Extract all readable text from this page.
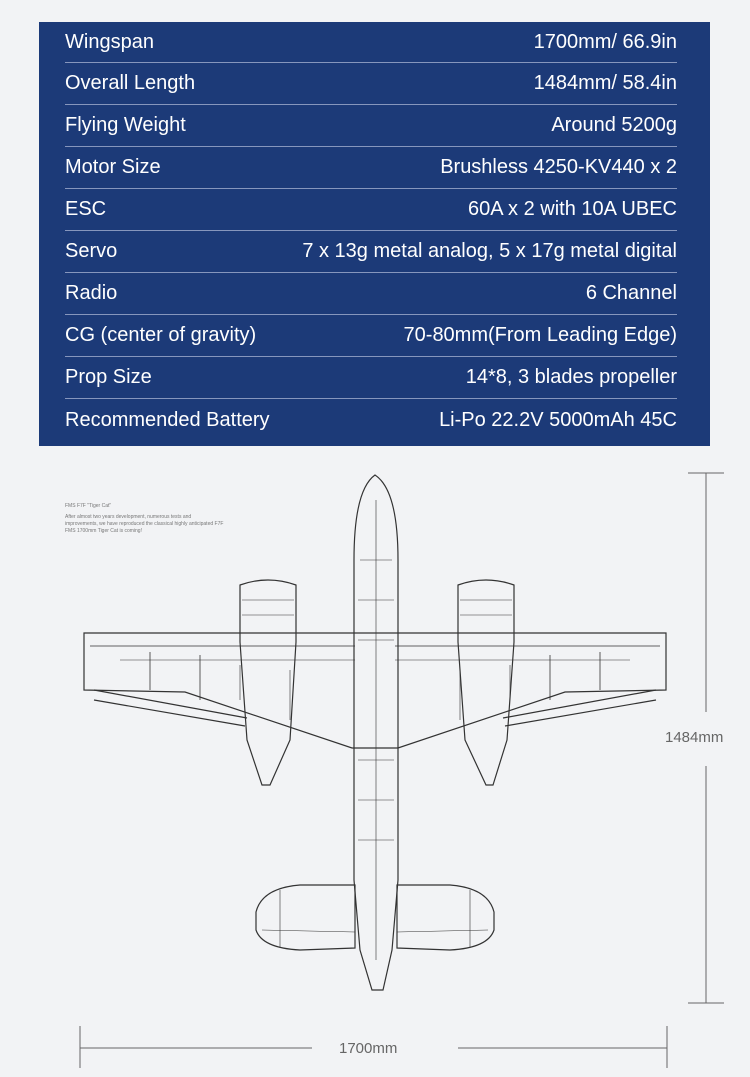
Wingspan	1700mm/ 66.9in
Overall Length	1484mm/ 58.4in
Flying Weight	Around 5200g
Motor Size	Brushless 4250-KV440 x 2
ESC	60A x 2 with 10A UBEC
Servo	7 x 13g metal analog, 5 x 17g metal digital
Radio	6 Channel
CG (center of gravity)	70-80mm(From Leading Edge)
Prop Size	14*8, 3 blades propeller
Recommended Battery	Li-Po 22.2V 5000mAh 45C
FMS F7F "Tiger Cat"
After almost two years development, numerous tests and
improvements, we have reproduced the classical highly anticipated F7F
FMS 1700mm Tiger Cat is coming!
1700mm
1484mm
